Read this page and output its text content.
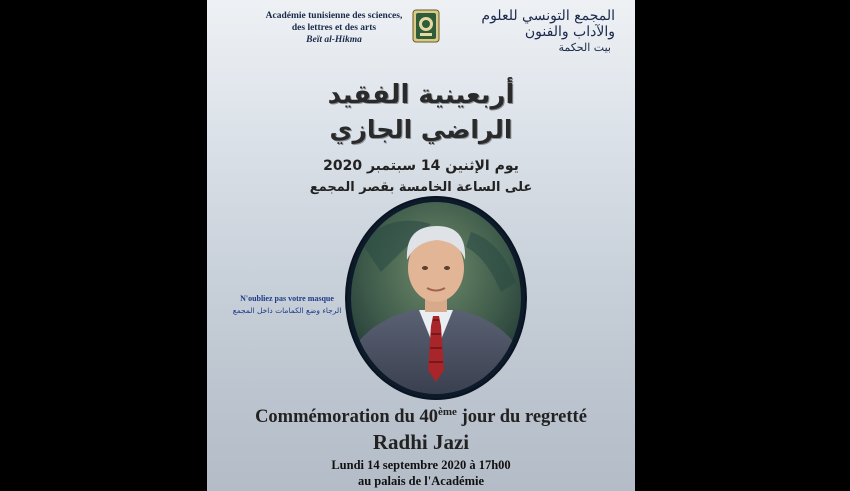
Académie tunisienne des sciences,
des lettres et des arts
Beït al-Hikma
المجمع التونسي للعلوم والآداب والفنون
بيت الحكمة
أربعينية الفقيد
الراضي الجازي
يوم الإثنين 14 سبتمبر 2020
على الساعة الخامسة بقصر المجمع
N'oubliez pas votre masque
الرجاء وضع الكمامات داخل المجمع
Commémoration du 40ème jour du regretté
Radhi Jazi
Lundi 14 septembre 2020 à 17h00
au palais de l'Académie
